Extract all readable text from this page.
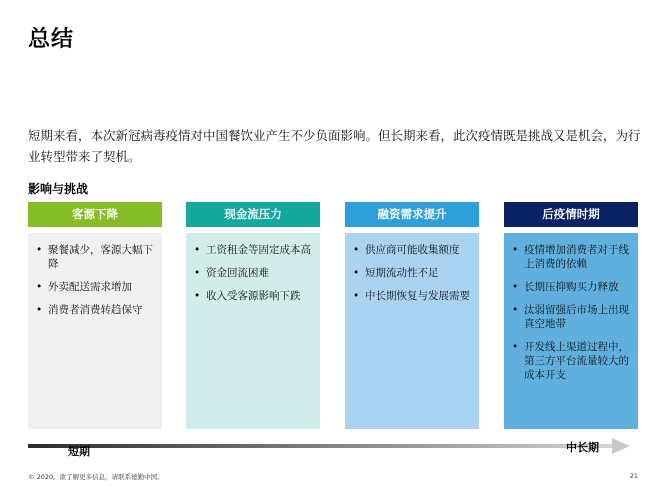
总结
短期来看，本次新冠病毒疫情对中国餐饮业产生不少负面影响。但长期来看，此次疫情既是挑战又是机会，为行业转型带来了契机。
影响与挑战
客源下降
• 聚餐减少，客源大幅下降
• 外卖配送需求增加
• 消费者消费转趋保守
现金流压力
• 工资租金等固定成本高
• 资金回流困难
• 收入受客源影响下跌
融资需求提升
• 供应商可能收集额度
• 短期流动性不足
• 中长期恢复与发展需要
后疫情时期
• 疫情增加消费者对于线上消费的依赖
• 长期压抑购买力释放
• 汰弱留强后市场上出现真空地带
• 开发线上渠道过程中，第三方平台流量较大的成本开支
短期	中长期
© 2020。欲了解更多信息，请联系德勤中国。	21
